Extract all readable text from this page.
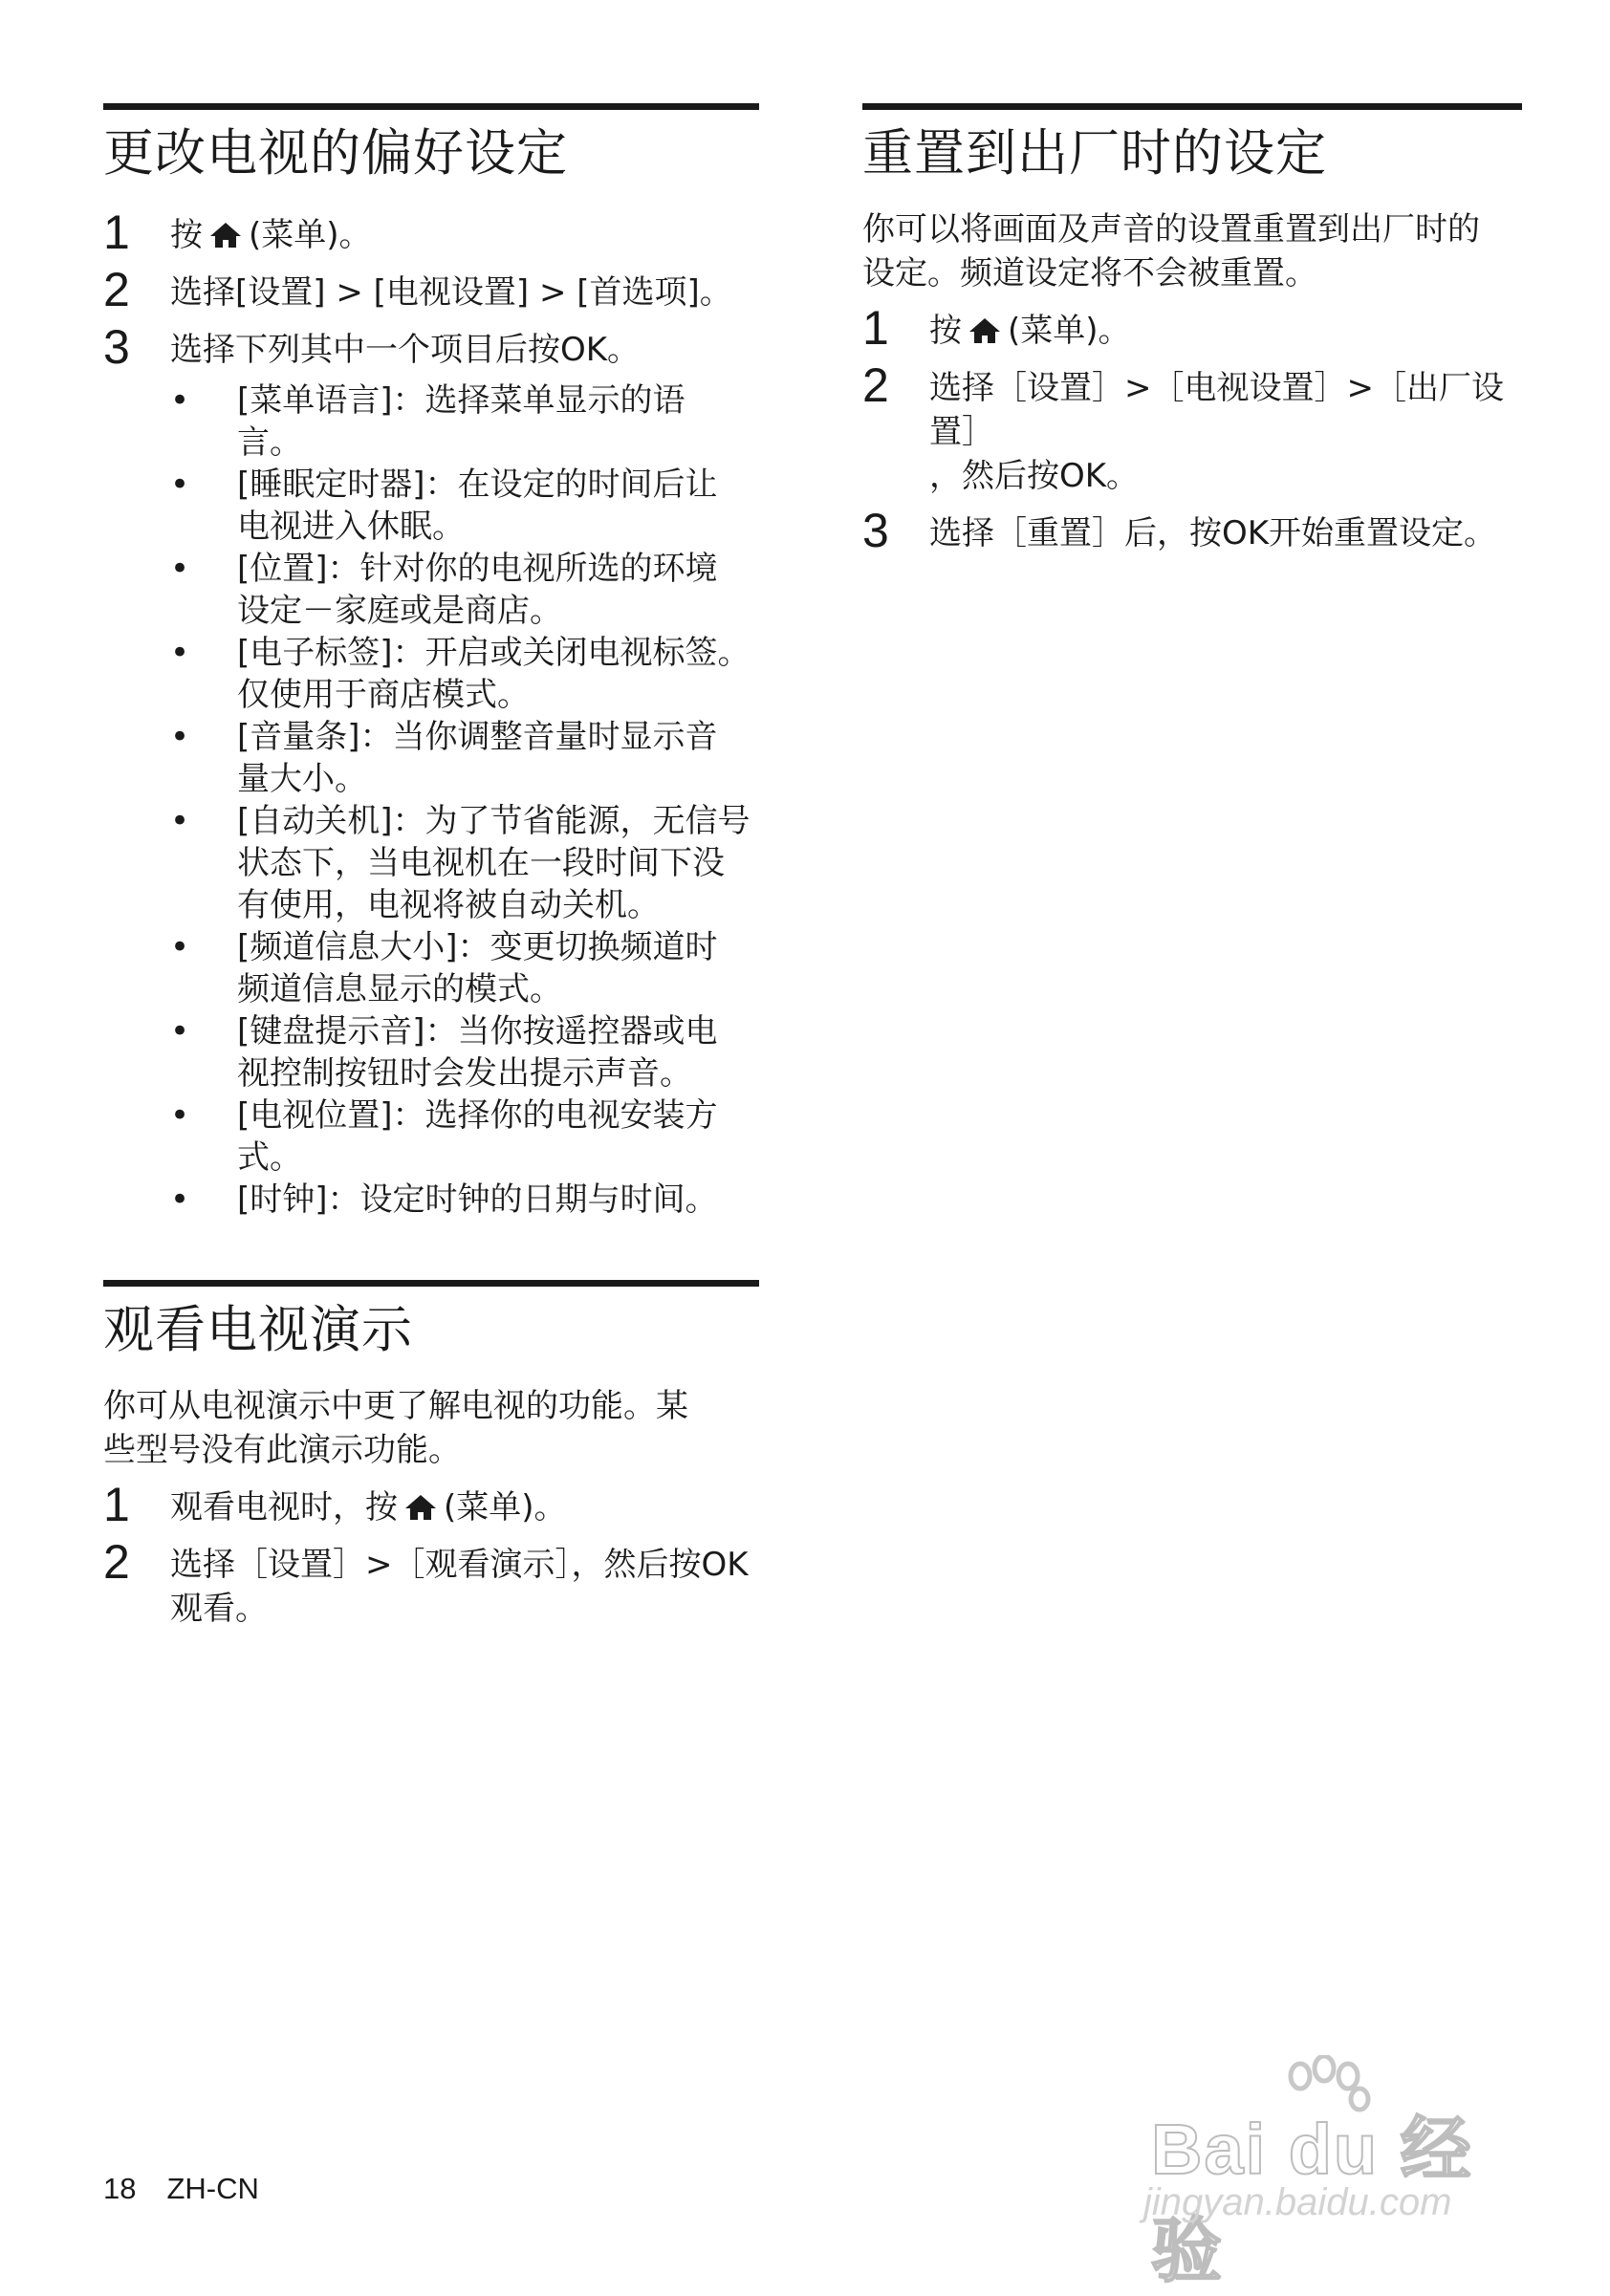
更改电视的偏好设定
1	按 (菜单)。
2	选择[设置] > [电视设置] > [首选项]。
3	选择下列其中一个项目后按OK。
• [菜单语言]：选择菜单显示的语
言。
• [睡眠定时器]：在设定的时间后让
电视进入休眠。
• [位置]：针对你的电视所选的环境
设定－家庭或是商店。
• [电子标签]：开启或关闭电视标签。
仅使用于商店模式。
• [音量条]：当你调整音量时显示音
量大小。
• [自动关机]：为了节省能源，无信号
状态下，当电视机在一段时间下没
有使用，电视将被自动关机。
• [频道信息大小]：变更切换频道时
频道信息显示的模式。
• [键盘提示音]：当你按遥控器或电
视控制按钮时会发出提示声音。
• [电视位置]：选择你的电视安装方
式。
• [时钟]：设定时钟的日期与时间。
观看电视演示

你可从电视演示中更了解电视的功能。某
些型号没有此演示功能。

1	观看电视时，按 (菜单)。
2	选择［设置］>［观看演示］，然后按OK
观看。
重置到出厂时的设定

你可以将画面及声音的设置重置到出厂时的
设定。频道设定将不会被重置。

1	按 (菜单)。
2	选择［设置］>［电视设置］>［出厂设置］
，然后按OK。
3	选择［重置］后，按OK开始重置设定。
18 ZH-CN	Bai du 经验
jingyan.baidu.com
